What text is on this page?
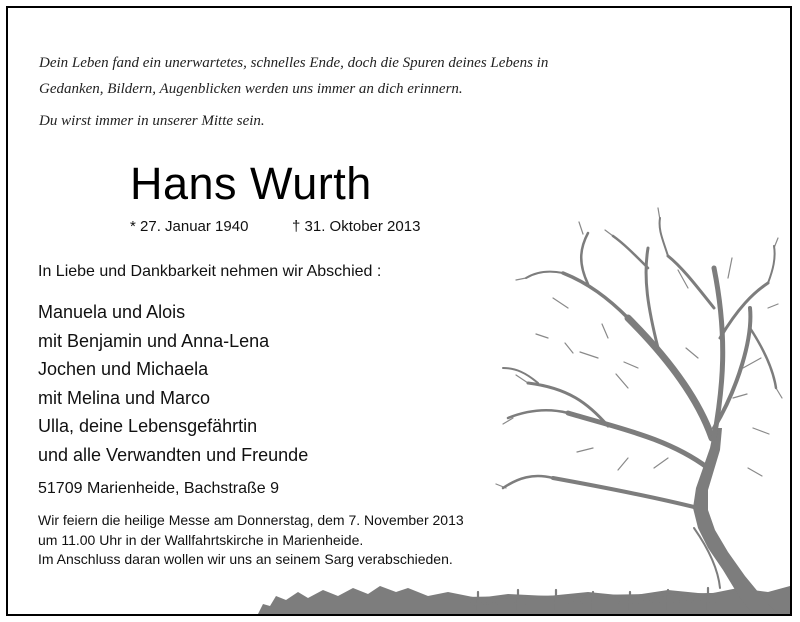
Dein Leben fand ein unerwartetes, schnelles Ende, doch die Spuren deines Lebens in
Gedanken, Bildern, Augenblicken werden uns immer an dich erinnern.
Du wirst immer in unserer Mitte sein.
Hans Wurth
* 27. Januar 1940	† 31. Oktober 2013
In Liebe und Dankbarkeit nehmen wir Abschied :
Manuela und Alois
mit Benjamin und Anna-Lena
Jochen und Michaela
mit Melina und Marco
Ulla, deine Lebensgefährtin
und alle Verwandten und Freunde
51709 Marienheide, Bachstraße 9
Wir feiern die heilige Messe am Donnerstag, dem 7. November 2013
um 11.00 Uhr in der Wallfahrtskirche in Marienheide.
Im Anschluss daran wollen wir uns an seinem Sarg verabschieden.
